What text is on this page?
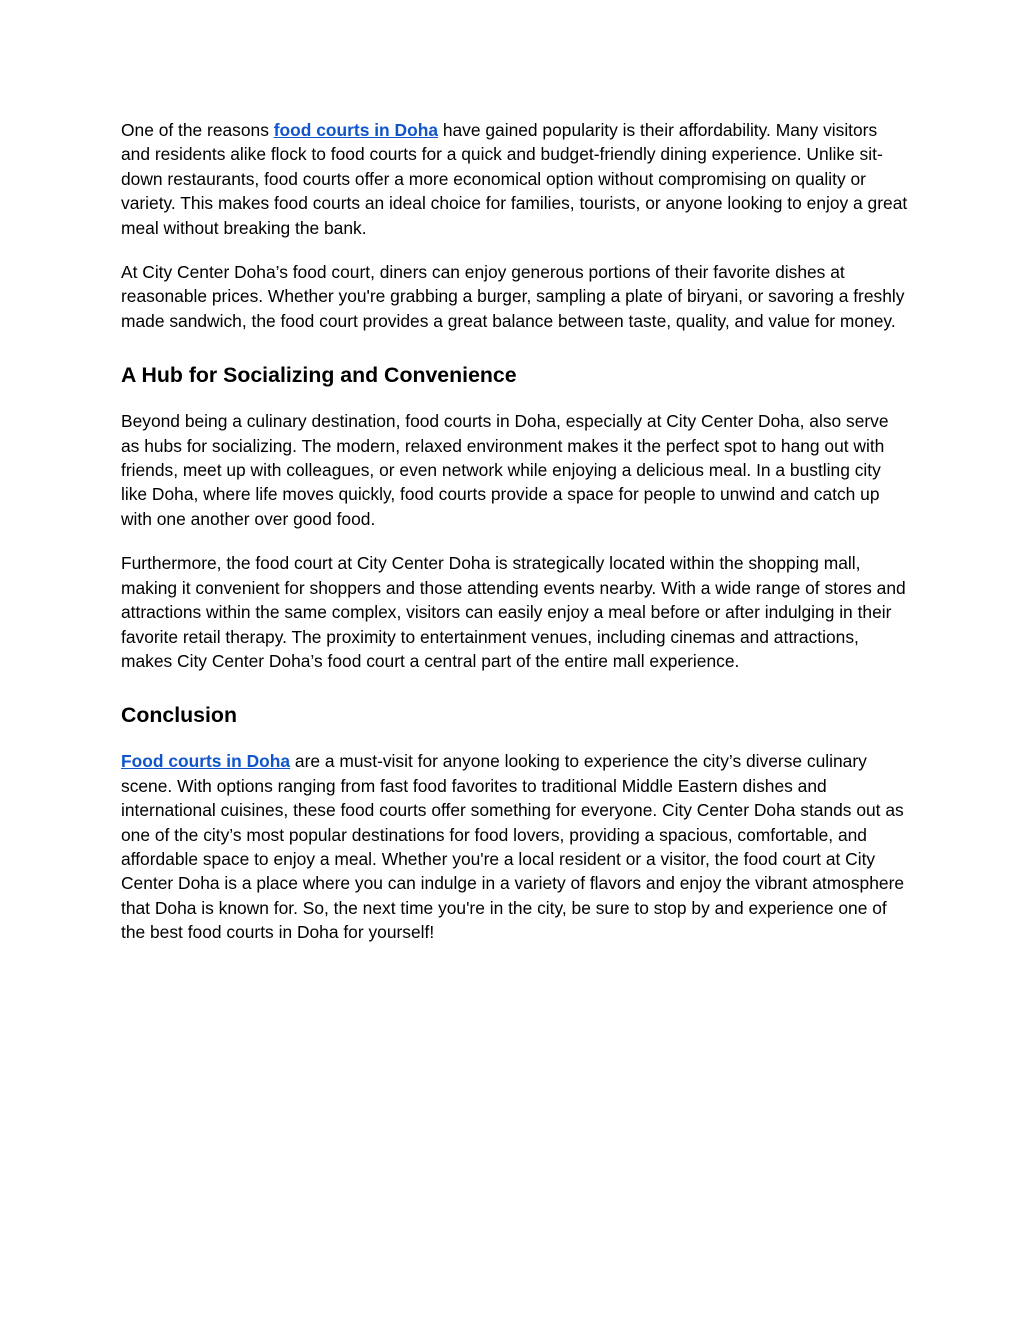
One of the reasons food courts in Doha have gained popularity is their affordability. Many visitors and residents alike flock to food courts for a quick and budget-friendly dining experience. Unlike sit-down restaurants, food courts offer a more economical option without compromising on quality or variety. This makes food courts an ideal choice for families, tourists, or anyone looking to enjoy a great meal without breaking the bank.

At City Center Doha’s food court, diners can enjoy generous portions of their favorite dishes at reasonable prices. Whether you're grabbing a burger, sampling a plate of biryani, or savoring a freshly made sandwich, the food court provides a great balance between taste, quality, and value for money.

A Hub for Socializing and Convenience

Beyond being a culinary destination, food courts in Doha, especially at City Center Doha, also serve as hubs for socializing. The modern, relaxed environment makes it the perfect spot to hang out with friends, meet up with colleagues, or even network while enjoying a delicious meal. In a bustling city like Doha, where life moves quickly, food courts provide a space for people to unwind and catch up with one another over good food.

Furthermore, the food court at City Center Doha is strategically located within the shopping mall, making it convenient for shoppers and those attending events nearby. With a wide range of stores and attractions within the same complex, visitors can easily enjoy a meal before or after indulging in their favorite retail therapy. The proximity to entertainment venues, including cinemas and attractions, makes City Center Doha’s food court a central part of the entire mall experience.

Conclusion

Food courts in Doha are a must-visit for anyone looking to experience the city’s diverse culinary scene. With options ranging from fast food favorites to traditional Middle Eastern dishes and international cuisines, these food courts offer something for everyone. City Center Doha stands out as one of the city’s most popular destinations for food lovers, providing a spacious, comfortable, and affordable space to enjoy a meal. Whether you're a local resident or a visitor, the food court at City Center Doha is a place where you can indulge in a variety of flavors and enjoy the vibrant atmosphere that Doha is known for. So, the next time you're in the city, be sure to stop by and experience one of the best food courts in Doha for yourself!
